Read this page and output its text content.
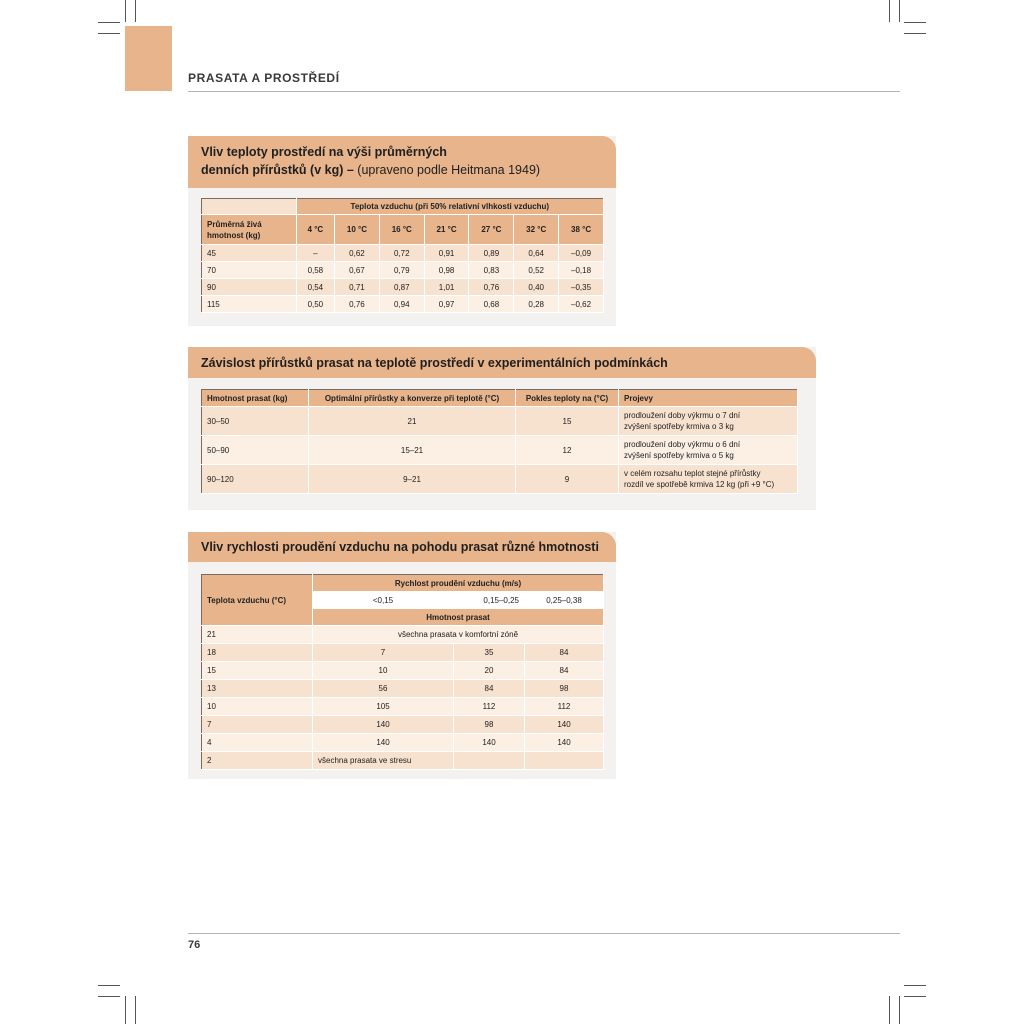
PRASATA A PROSTŘEDÍ
Vliv teploty prostředí na výši průměrných
denních přírůstků (v kg) – (upraveno podle Heitmana 1949)
	Teplota vzduchu (při 50% relativní vlhkosti vzduchu)						

Průměrná živá
hmotnost (kg)	4 °C	10 °C	16 °C	21 °C	27 °C	32 °C	38 °C
45	–	0,62	0,72	0,91	0,89	0,64	–0,09
70	0,58	0,67	0,79	0,98	0,83	0,52	–0,18
90	0,54	0,71	0,87	1,01	0,76	0,40	–0,35
115	0,50	0,76	0,94	0,97	0,68	0,28	–0,62
Závislost přírůstků prasat na teplotě prostředí v experimentálních podmínkách
Hmotnost prasat (kg)	Optimální přírůstky a konverze při teplotě (°C)	Pokles teploty na (°C)	Projevy
30–50	21	15	prodloužení doby výkrmu o 7 dní
zvýšení spotřeby krmiva o 3 kg

50–90	15–21	12	prodloužení doby výkrmu o 6 dní
zvýšení spotřeby krmiva o 5 kg

90–120	9–21	9	v celém rozsahu teplot stejné přírůstky
rozdíl ve spotřebě krmiva 12 kg (při +9 °C)
Vliv rychlosti proudění vzduchu na pohodu prasat různé hmotnosti
Teplota vzduchu (°C)	Rychlost proudění vzduchu (m/s)		
	<0,15	0,15–0,25	0,25–0,38
	Hmotnost prasat		
21	všechna prasata v komfortní zóně		
18	7	35	84
15	10	20	84
13	56	84	98
10	105	112	112
7	140	98	140
4	140	140	140
2	všechna prasata ve stresu		
76
